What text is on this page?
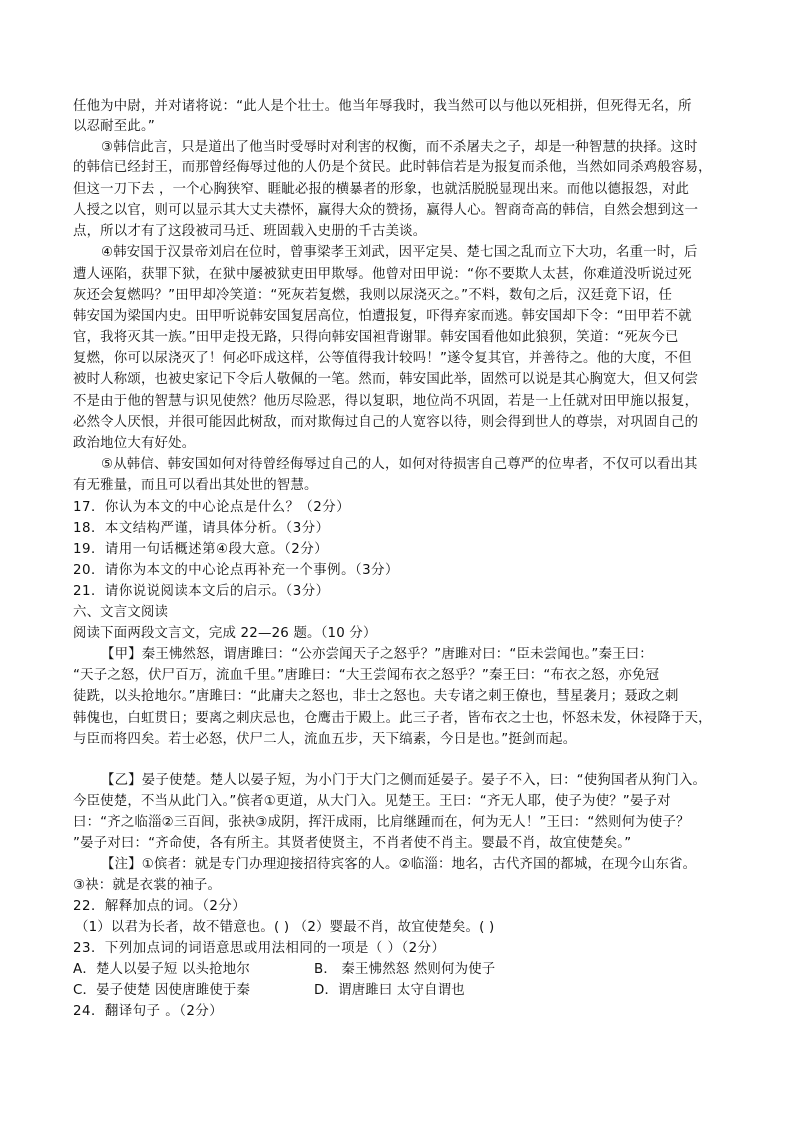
任他为中尉，并对诸将说：“此人是个壮士。他当年辱我时，我当然可以与他以死相拼，但死得无名，所
以忍耐至此。”
③韩信此言，只是道出了他当时受辱时对利害的权衡，而不杀屠夫之子，却是一种智慧的抉择。这时
的韩信已经封王，而那曾经侮辱过他的人仍是个贫民。此时韩信若是为报复而杀他，当然如同杀鸡般容易，
但这一刀下去 ，一个心胸狭窄、睚眦必报的横暴者的形象，也就活脱脱显现出来。而他以德报怨，对此
人授之以官，则可以显示其大丈夫襟怀，赢得大众的赞扬，赢得人心。智商奇高的韩信，自然会想到这一
点，所以才有了这段被司马迁、班固载入史册的千古美谈。
④韩安国于汉景帝刘启在位时，曾事梁孝王刘武，因平定吴、楚七国之乱而立下大功，名重一时，后
遭人诬陷，获罪下狱，在狱中屡被狱吏田甲欺辱。他曾对田甲说：“你不要欺人太甚，你难道没听说过死
灰还会复燃吗？”田甲却冷笑道：“死灰若复燃，我则以尿浇灭之。”不料，数旬之后，汉廷竟下诏，任
韩安国为梁国内史。田甲听说韩安国复居高位，怕遭报复，吓得弃家而逃。韩安国却下令：“田甲若不就
官，我将灭其一族。”田甲走投无路，只得向韩安国袒背谢罪。韩安国看他如此狼狈，笑道：“死灰今已
复燃，你可以尿浇灭了！何必吓成这样，公等值得我计较吗！”遂令复其官，并善待之。他的大度，不但
被时人称颂，也被史家记下令后人敬佩的一笔。然而，韩安国此举，固然可以说是其心胸宽大，但又何尝
不是由于他的智慧与识见使然？他历尽险恶，得以复职，地位尚不巩固，若是一上任就对田甲施以报复，
必然令人厌恨，并很可能因此树敌，而对欺侮过自己的人宽容以待，则会得到世人的尊崇，对巩固自己的
政治地位大有好处。
⑤从韩信、韩安国如何对待曾经侮辱过自己的人，如何对待损害自己尊严的位卑者，不仅可以看出其
有无雅量，而且可以看出其处世的智慧。
17．你认为本文的中心论点是什么？（2分）
18．本文结构严谨，请具体分析。（3分）
19．请用一句话概述第④段大意。（2分）
20．请你为本文的中心论点再补充一个事例。（3分）
21．请你说说阅读本文后的启示。（3分）
六、文言文阅读
阅读下面两段文言文，完成 22—26 题。（10 分）
【甲】秦王怫然怒，谓唐雎曰：“公亦尝闻天子之怒乎？”唐雎对曰：“臣未尝闻也。”秦王曰：
“天子之怒，伏尸百万，流血千里。”唐雎曰：“大王尝闻布衣之怒乎？”秦王曰：“布衣之怒，亦免冠
徒跣，以头抢地尔。”唐雎曰：“此庸夫之怒也，非士之怒也。夫专诸之刺王僚也，彗星袭月；聂政之刺
韩傀也，白虹贯日；要离之刺庆忌也，仓鹰击于殿上。此三子者，皆布衣之士也，怀怒未发，休祲降于天，
与臣而将四矣。若士必怒，伏尸二人，流血五步，天下缟素，今日是也。”挺剑而起。
【乙】晏子使楚。楚人以晏子短，为小门于大门之侧而延晏子。晏子不入，曰：“使狗国者从狗门入。
今臣使楚，不当从此门入。”傧者①更道，从大门入。见楚王。王曰：“齐无人耶，使子为使？”晏子对
曰：“齐之临淄②三百闾，张袂③成阴，挥汗成雨，比肩继踵而在，何为无人！”王曰：“然则何为使子？
”晏子对曰：“齐命使，各有所主。其贤者使贤主，不肖者使不肖主。婴最不肖，故宜使楚矣。”
【注】①傧者：就是专门办理迎接招待宾客的人。②临淄：地名，古代齐国的都城，在现今山东省。
③袂：就是衣裳的袖子。
22．解释加点的词。（2分）
（1）以君为长者，故不错意也。( ) （2）婴最不肖，故宜使楚矣。( )
23．下列加点词的词语意思或用法相同的一项是（ ）（2分）
A．楚人以晏子短 以头抢地尔	B． 秦王怫然怒 然则何为使子
C．晏子使楚 因使唐雎使于秦	D．谓唐雎曰 太守自谓也
24．翻译句子 。（2分）
